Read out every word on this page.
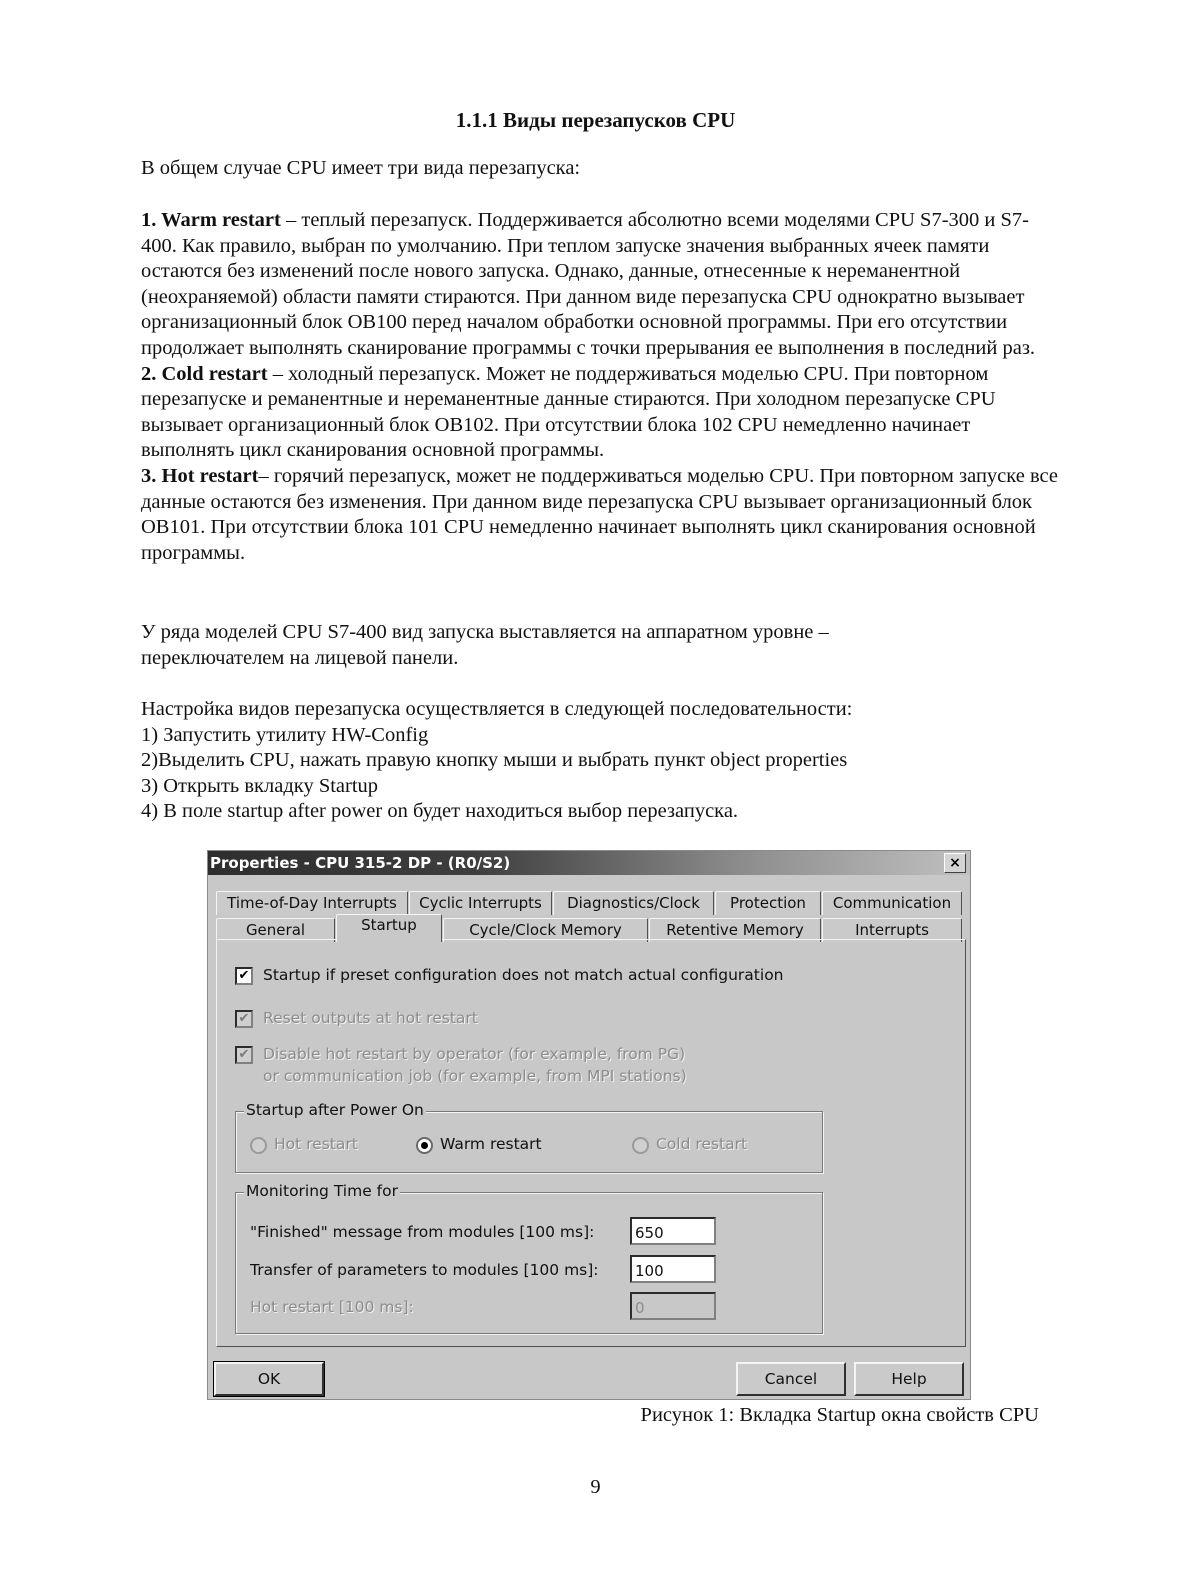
1.1.1 Виды перезапусков CPU

В общем случае CPU имеет три вида перезапуска:

1. Warm restart – теплый перезапуск. Поддерживается абсолютно всеми моделями CPU S7-300 и S7-400. Как правило, выбран по умолчанию. При теплом запуске значения выбранных ячеек памяти остаются без изменений после нового запуска. Однако, данные, отнесенные к нереманентной (неохраняемой) области памяти стираются. При данном виде перезапуска CPU однократно вызывает организационный блок OB100 перед началом обработки основной программы. При его отсутствии продолжает выполнять сканирование программы с точки прерывания ее выполнения в последний раз.

2. Cold restart – холодный перезапуск. Может не поддерживаться моделью CPU. При повторном перезапуске и реманентные и нереманентные данные стираются. При холодном перезапуске CPU вызывает организационный блок OB102. При отсутствии блока 102 CPU немедленно начинает выполнять цикл сканирования основной программы.

3. Hot restart– горячий перезапуск, может не поддерживаться моделью CPU. При повторном запуске все данные остаются без изменения. При данном виде перезапуска CPU вызывает организационный блок OB101. При отсутствии блока 101 CPU немедленно начинает выполнять цикл сканирования основной программы.

У ряда моделей CPU S7-400 вид запуска выставляется на аппаратном уровне – переключателем на лицевой панели.

Настройка видов перезапуска осуществляется в следующей последовательности:

1) Запустить утилиту HW-Config

2)Выделить CPU, нажать правую кнопку мыши и выбрать пункт object properties

3) Открыть вкладку Startup

4) В поле startup after power on будет находиться выбор перезапуска.

Properties - CPU 315-2 DP - (R0/S2)	×
Time-of-Day Interrupts	Cyclic Interrupts	Diagnostics/Clock	Protection	Communication
General	Startup	Cycle/Clock Memory	Retentive Memory	Interrupts
✔ Startup if preset configuration does not match actual configuration
✔ Reset outputs at hot restart
✔ Disable hot restart by operator (for example, from PG)
or communication job (for example, from MPI stations)
Startup after Power On
Hot restart	Warm restart	Cold restart
Monitoring Time for
"Finished" message from modules [100 ms]:	650
Transfer of parameters to modules [100 ms]:	100
Hot restart [100 ms]:	0
OK	Cancel	Help
Рисунок 1: Вкладка Startup окна свойств CPU
9
